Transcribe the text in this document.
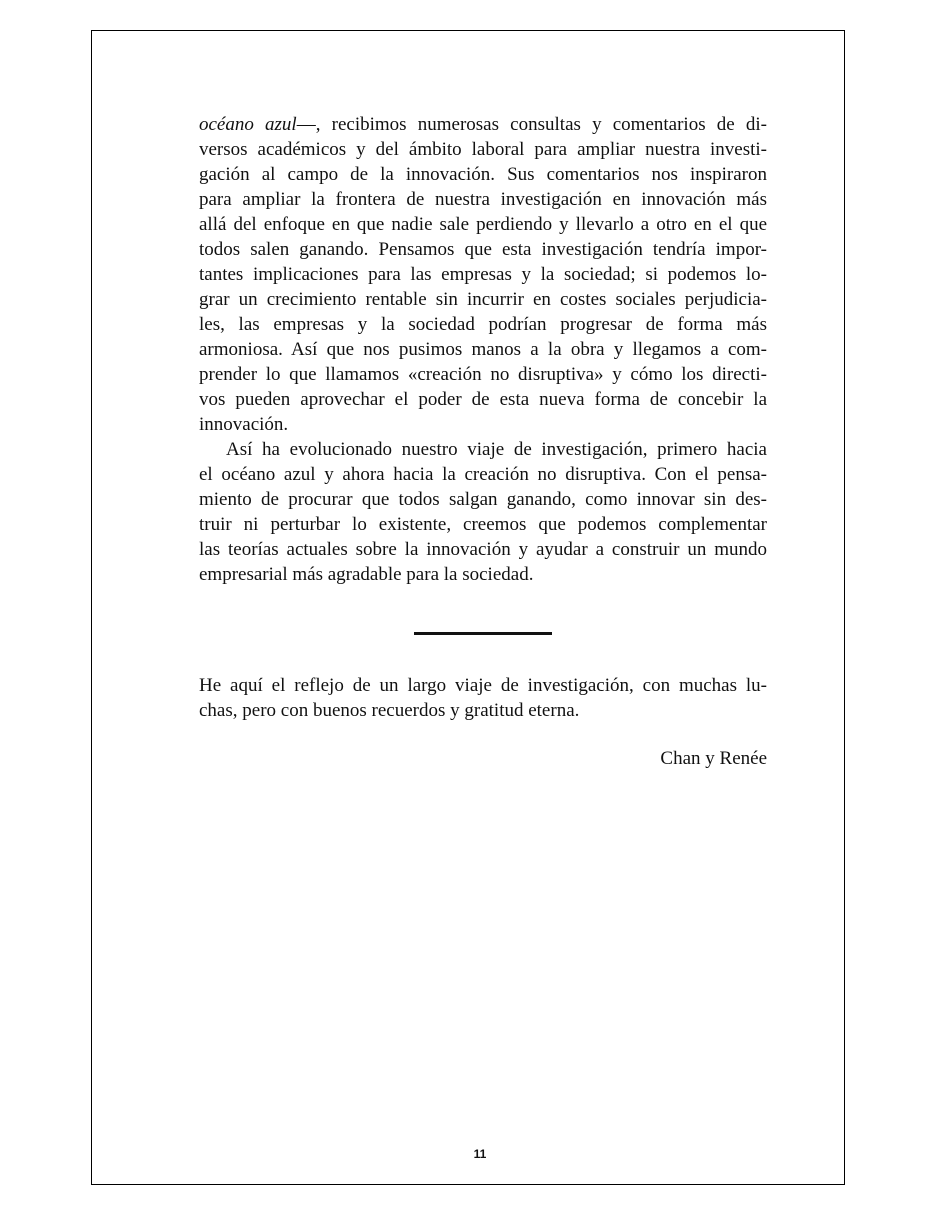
océano azul—, recibimos numerosas consultas y comentarios de di-
versos académicos y del ámbito laboral para ampliar nuestra investi-
gación al campo de la innovación. Sus comentarios nos inspiraron
para ampliar la frontera de nuestra investigación en innovación más
allá del enfoque en que nadie sale perdiendo y llevarlo a otro en el que
todos salen ganando. Pensamos que esta investigación tendría impor-
tantes implicaciones para las empresas y la sociedad; si podemos lo-
grar un crecimiento rentable sin incurrir en costes sociales perjudicia-
les, las empresas y la sociedad podrían progresar de forma más
armoniosa. Así que nos pusimos manos a la obra y llegamos a com-
prender lo que llamamos «creación no disruptiva» y cómo los directi-
vos pueden aprovechar el poder de esta nueva forma de concebir la
innovación.
Así ha evolucionado nuestro viaje de investigación, primero hacia
el océano azul y ahora hacia la creación no disruptiva. Con el pensa-
miento de procurar que todos salgan ganando, como innovar sin des-
truir ni perturbar lo existente, creemos que podemos complementar
las teorías actuales sobre la innovación y ayudar a construir un mundo
empresarial más agradable para la sociedad.
He aquí el reflejo de un largo viaje de investigación, con muchas lu-
chas, pero con buenos recuerdos y gratitud eterna.
Chan y Renée
11
